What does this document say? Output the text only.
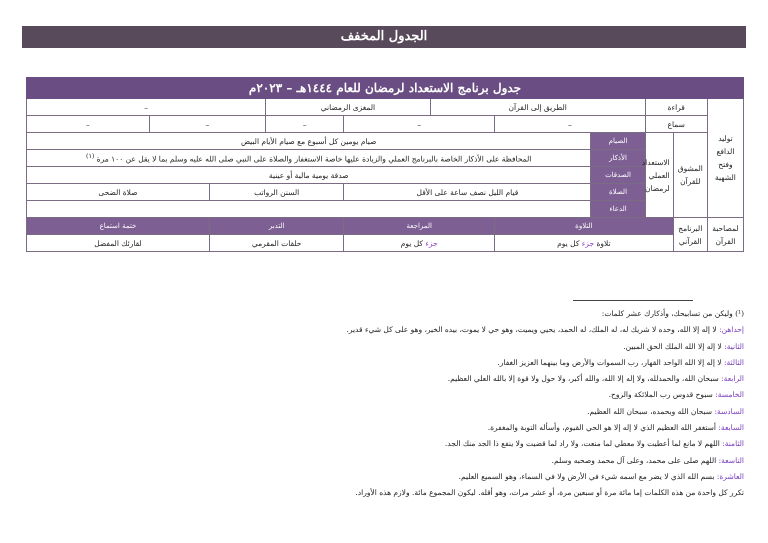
الجدول المخفف
جدول برنامج الاستعداد لرمضان للعام ١٤٤٤هـ – ٢٠٢٣م										
توليد الدافع وفتح الشهية	قراءة		الطريق إلى القرآن			المغزى الرمضاني		–		
	سماع		–		–		–	–		–
	المشوق للقرآن	الاستعداد العملي لرمضان	الصيام	صيام يومين كل أسبوع مع صيام الأيام البيض						
			الأذكار	المحافظة على الأذكار الخاصة بالبرنامج العملي والزيادة عليها خاصة الاستغفار والصلاة على النبي صلى الله عليه وسلم بما لا يقل عن ١٠٠ مرة $^{(١)}$
			الصدقات	صدقة يومية مالية أو عينية						
			الصلاة	قيام الليل نصف ساعة على الأقل			السنن الرواتب		صلاة الضحى	
			الدعاء							
لمصاحبة القرآن	البرنامج القرآني	التلاوة			المراجعة		التدبر		ختمة استماع	
		تلاوة جزء كل يوم			جزء كل يوم		حلقات المقرمي		لقارئك المفضل	
(¹) وليكن من تسابيحك، وأذكارك عشر كلمات:
إحداهن: لا إله إلا الله، وحده لا شريك له، له الملك، له الحمد، يحيي ويميت، وهو حي لا يموت، بيده الخير، وهو على كل شيء قدير.
الثانية: لا إله إلا الله الملك الحق المبين.
الثالثة: لا إله إلا الله الواحد القهار، رب السموات والأرض وما بينهما العزيز الغفار.
الرابعة: سبحان الله، والحمدلله، ولا إله إلا الله، والله أكبر، ولا حول ولا قوة إلا بالله العلي العظيم.
الخامسة: سبوح قدوس رب الملائكة والروح.
السادسة: سبحان الله وبحمده، سبحان الله العظيم.
السابعة: أستغفر الله العظيم الذي لا إله إلا هو الحي القيوم، وأسأله التوبة والمغفرة.
الثامنة: اللهم لا مانع لما أعطيت ولا معطي لما منعت، ولا راد لما قضيت ولا ينفع ذا الجد منك الجد.
التاسعة: اللهم صلى على محمد، وعلى آل محمد وصحبه وسلم.
العاشرة: بسم الله الذي لا يضر مع اسمه شيء في الأرض ولا في السماء، وهو السميع العليم.
تكرر كل واحدة من هذه الكلمات إما مائة مرة أو سبعين مرة، أو عشر مرات، وهو أقله. ليكون المجموع مائة. ولازم هذه الأوراد.
